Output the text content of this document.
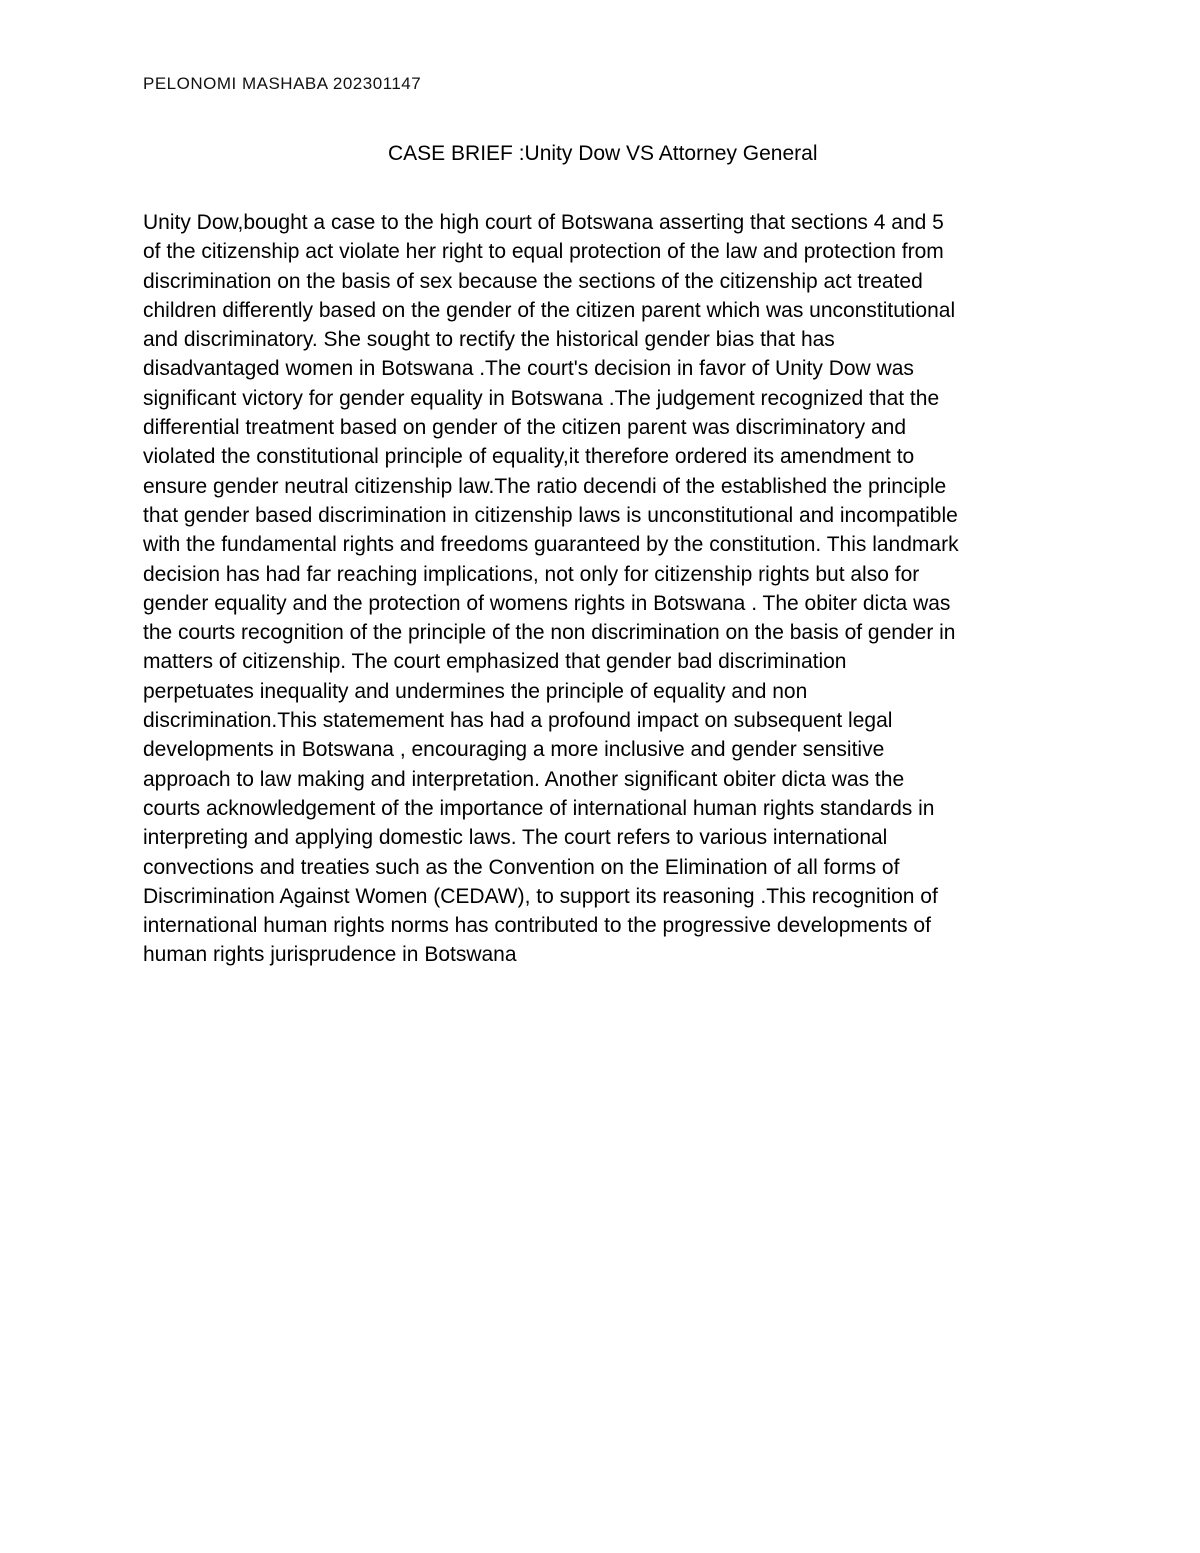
PELONOMI MASHABA 202301147
CASE BRIEF :Unity Dow VS Attorney General
Unity Dow,bought a case to the high court of Botswana asserting that sections 4 and 5
of the citizenship act violate her right to equal protection of the law and protection from
discrimination on the basis of sex because the sections of the citizenship act treated
children differently based on the gender of the citizen parent which was unconstitutional
and discriminatory. She sought to rectify the historical gender bias that has
disadvantaged women in Botswana .The court's decision in favor of Unity Dow was
significant victory for gender equality in Botswana .The judgement recognized that the
differential treatment based on gender of the citizen parent was discriminatory and
violated the constitutional principle of equality,it therefore ordered its amendment to
ensure gender neutral citizenship law.The ratio decendi of the established the principle
that gender based discrimination in citizenship laws is unconstitutional and incompatible
with the fundamental rights and freedoms guaranteed by the constitution. This landmark
decision has had far reaching implications, not only for citizenship rights but also for
gender equality and the protection of womens rights in Botswana . The obiter dicta was
the courts recognition of the principle of the non discrimination on the basis of gender in
matters of citizenship. The court emphasized that gender bad discrimination
perpetuates inequality and undermines the principle of equality and non
discrimination.This statemement has had a profound impact on subsequent legal
developments in Botswana , encouraging a more inclusive and gender sensitive
approach to law making and interpretation. Another significant obiter dicta was the
courts acknowledgement of the importance of international human rights standards in
interpreting and applying domestic laws. The court refers to various international
convections and treaties such as the Convention on the Elimination of all forms of
Discrimination Against Women (CEDAW), to support its reasoning .This recognition of
international human rights norms has contributed to the progressive developments of
human rights jurisprudence in Botswana
